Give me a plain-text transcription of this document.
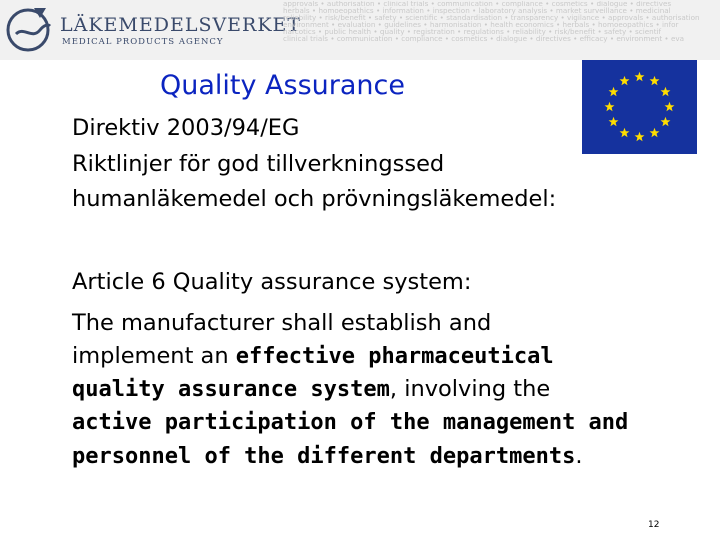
LÄKEMEDELSVERKET
MEDICAL PRODUCTS AGENCY
approvals • authorisation • clinical trials • communication • compliance • cosmetics • dialogue • directives
herbals • homoeopathics • information • inspection • laboratory analysis • market surveillance • medicinal
reliability • risk/benefit • safety • scientific • standardisation • transparency • vigilance • approvals • authorisation
environment • evaluation • guidelines • harmonisation • health economics • herbals • homoeopathics • infor
narcotics • public health • quality • registration • regulations • reliability • risk/benefit • safety • scientif
clinical trials • communication • compliance • cosmetics • dialogue • directives • efficacy • environment • eva
Quality Assurance
Direktiv 2003/94/EG
Riktlinjer för god tillverkningssed
humanläkemedel och prövningsläkemedel:
Article 6 Quality assurance system:
The manufacturer shall establish and
implement an effective pharmaceutical
quality assurance system, involving the
active participation of the management and
personnel of the different departments.
12
